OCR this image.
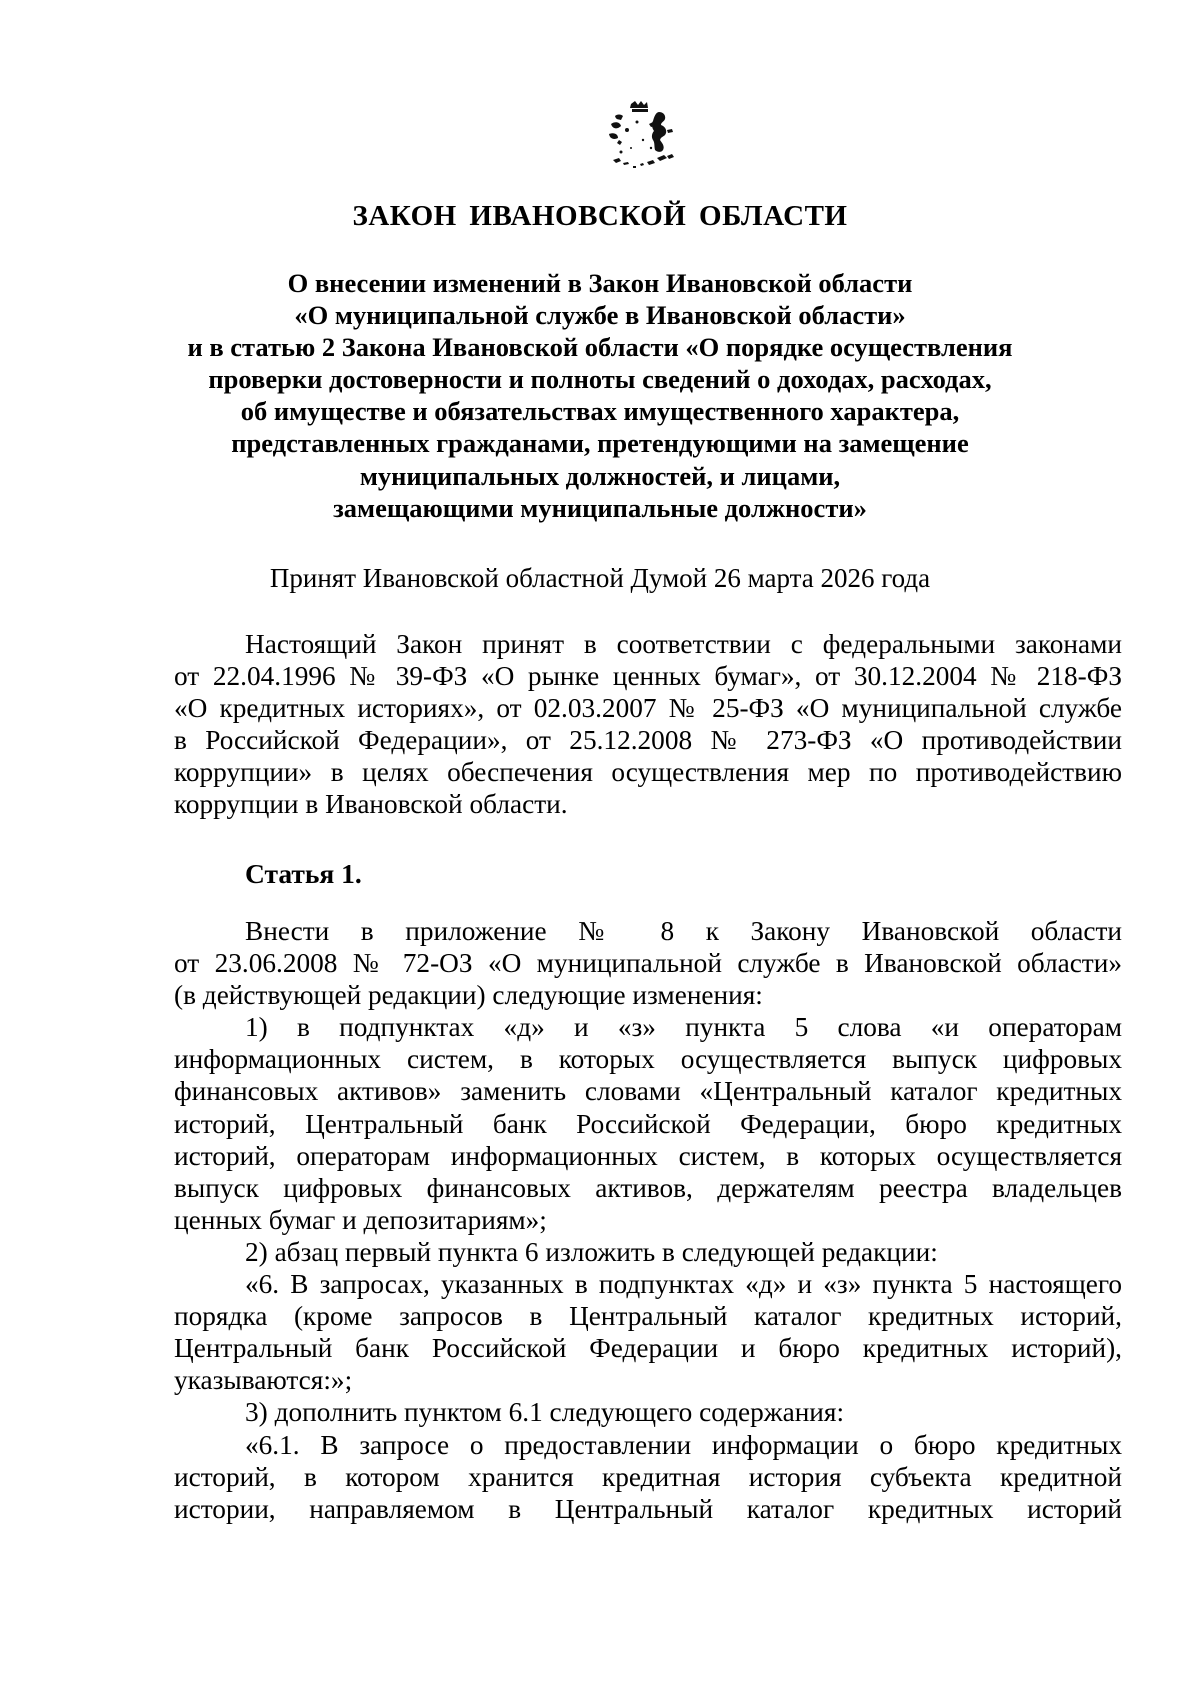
ЗАКОН ИВАНОВСКОЙ ОБЛАСТИ
О внесении изменений в Закон Ивановской области
«О муниципальной службе в Ивановской области»
и в статью 2 Закона Ивановской области «О порядке осуществления
проверки достоверности и полноты сведений о доходах, расходах,
об имуществе и обязательствах имущественного характера,
представленных гражданами, претендующими на замещение
муниципальных должностей, и лицами,
замещающими муниципальные должности»

Принят Ивановской областной Думой 26 марта 2026 года

Настоящий Закон принят в соответствии с федеральными законами
от 22.04.1996 № 39-ФЗ «О рынке ценных бумаг», от 30.12.2004 № 218-ФЗ
«О кредитных историях», от 02.03.2007 № 25-ФЗ «О муниципальной службе
в Российской Федерации», от 25.12.2008 № 273-ФЗ «О противодействии
коррупции» в целях обеспечения осуществления мер по противодействию
коррупции в Ивановской области.
Статья 1.
Внести в приложение № 8 к Закону Ивановской области
от 23.06.2008 № 72-ОЗ «О муниципальной службе в Ивановской области»
(в действующей редакции) следующие изменения:
1) в подпунктах «д» и «з» пункта 5 слова «и операторам
информационных систем, в которых осуществляется выпуск цифровых
финансовых активов» заменить словами «Центральный каталог кредитных
историй, Центральный банк Российской Федерации, бюро кредитных
историй, операторам информационных систем, в которых осуществляется
выпуск цифровых финансовых активов, держателям реестра владельцев
ценных бумаг и депозитариям»;
2) абзац первый пункта 6 изложить в следующей редакции:
«6. В запросах, указанных в подпунктах «д» и «з» пункта 5 настоящего
порядка (кроме запросов в Центральный каталог кредитных историй,
Центральный банк Российской Федерации и бюро кредитных историй),
указываются:»;
3) дополнить пунктом 6.1 следующего содержания:
«6.1. В запросе о предоставлении информации о бюро кредитных
историй, в котором хранится кредитная история субъекта кредитной
истории, направляемом в Центральный каталог кредитных историй
